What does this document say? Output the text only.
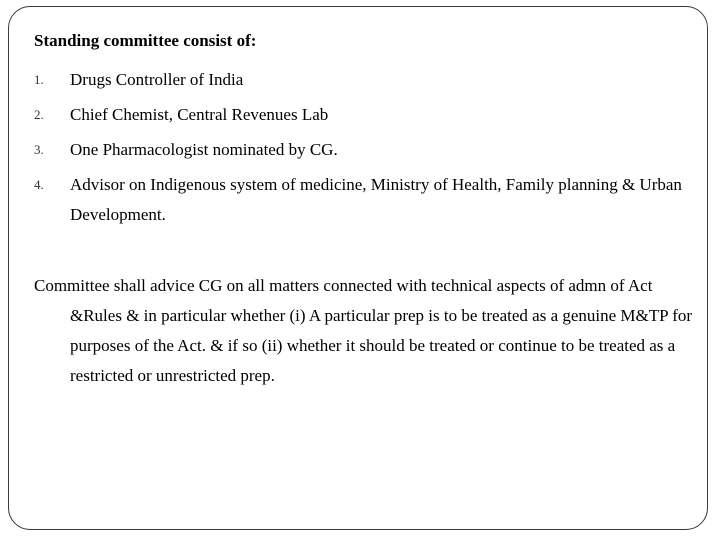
Standing committee consist of:

1. Drugs Controller of India
2. Chief Chemist, Central Revenues Lab
3. One Pharmacologist nominated by CG.
4. Advisor on Indigenous system of medicine, Ministry of Health, Family planning & Urban Development.

Committee shall advice CG on all matters connected with technical aspects of admn of Act &Rules & in particular whether (i) A particular prep is to be treated as a genuine M&TP for purposes of the Act. & if so (ii) whether it should be treated or continue to be treated as a restricted or unrestricted prep.
